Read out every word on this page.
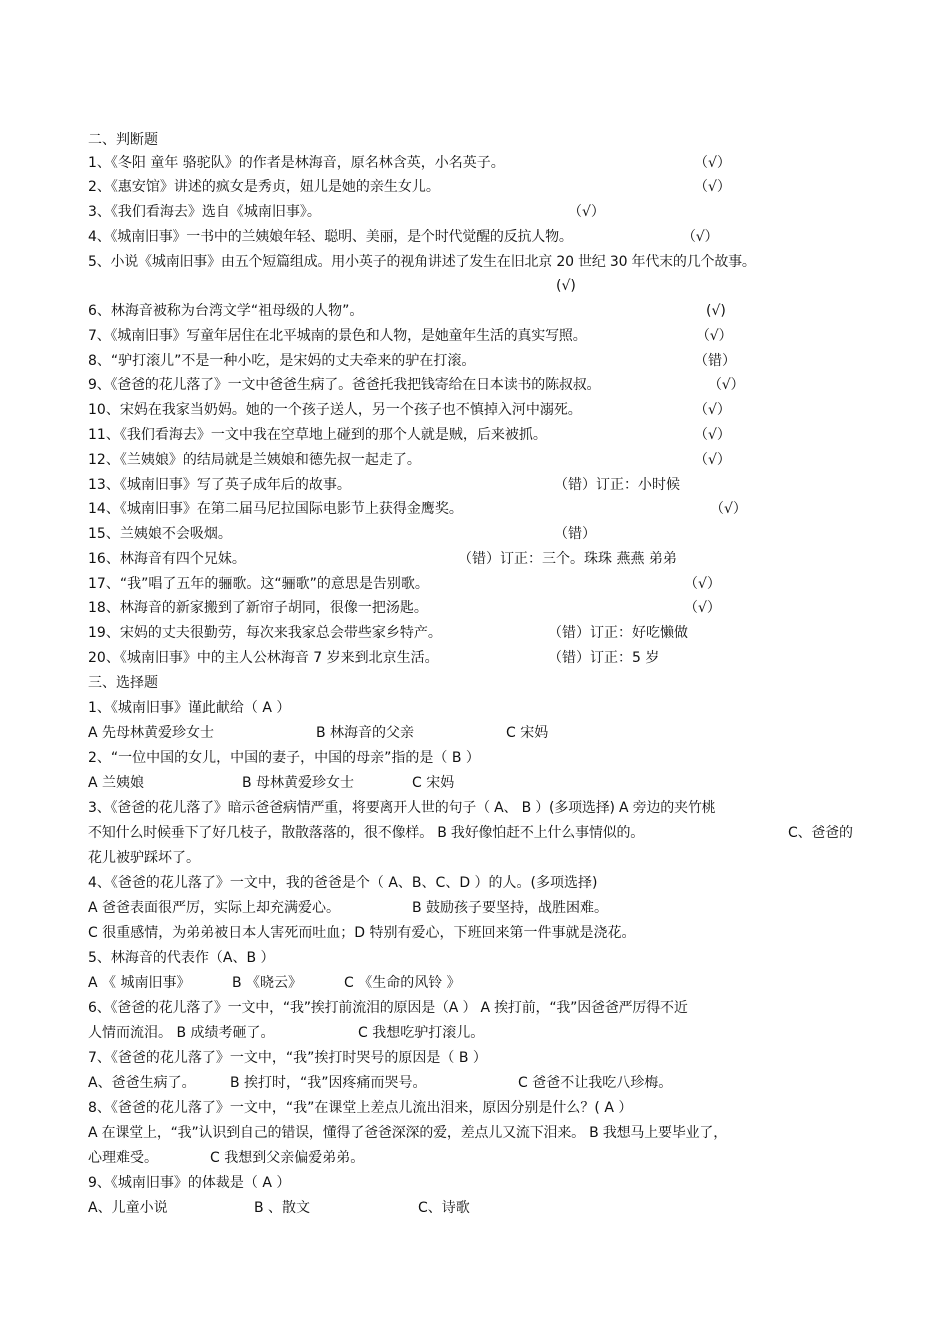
二、判断题
1、《冬阳 童年 骆驼队》的作者是林海音，原名林含英，小名英子。	（√）
2、《惠安馆》讲述的疯女是秀贞，妞儿是她的亲生女儿。	（√）
3、《我们看海去》选自《城南旧事》。	（√）
4、《城南旧事》一书中的兰姨娘年轻、聪明、美丽，是个时代觉醒的反抗人物。	（√）
5、小说《城南旧事》由五个短篇组成。用小英子的视角讲述了发生在旧北京 20 世纪 30 年代末的几个故事。
(√)
6、林海音被称为台湾文学“祖母级的人物”。	(√)
7、《城南旧事》写童年居住在北平城南的景色和人物，是她童年生活的真实写照。	（√）
8、“驴打滚儿”不是一种小吃，是宋妈的丈夫牵来的驴在打滚。	（错）
9、《爸爸的花儿落了》一文中爸爸生病了。爸爸托我把钱寄给在日本读书的陈叔叔。	（√）
10、宋妈在我家当奶妈。她的一个孩子送人，另一个孩子也不慎掉入河中溺死。	（√）
11、《我们看海去》一文中我在空草地上碰到的那个人就是贼，后来被抓。	（√）
12、《兰姨娘》的结局就是兰姨娘和德先叔一起走了。	（√）
13、《城南旧事》写了英子成年后的故事。	（错）订正：小时候
14、《城南旧事》在第二届马尼拉国际电影节上获得金鹰奖。	（√）
15、兰姨娘不会吸烟。	（错）
16、林海音有四个兄妹。	（错）订正：三个。珠珠 燕燕 弟弟
17、“我”唱了五年的骊歌。这“骊歌”的意思是告别歌。	（√）
18、林海音的新家搬到了新帘子胡同，很像一把汤匙。	（√）
19、宋妈的丈夫很勤劳，每次来我家总会带些家乡特产。	（错）订正：好吃懒做
20、《城南旧事》中的主人公林海音 7 岁来到北京生活。	（错）订正：5 岁
三、选择题
1、《城南旧事》谨此献给（ A ）
A 先母林黄爱珍女士	B 林海音的父亲	C 宋妈
2、“一位中国的女儿，中国的妻子，中国的母亲”指的是（ B ）
A 兰姨娘	B 母林黄爱珍女士	C 宋妈
3、《爸爸的花儿落了》暗示爸爸病情严重，将要离开人世的句子（ A、 B ）(多项选择) A 旁边的夹竹桃
不知什么时候垂下了好几枝子，散散落落的，很不像样。 B 我好像怕赶不上什么事情似的。	C、爸爸的
花儿被驴踩坏了。
4、《爸爸的花儿落了》一文中，我的爸爸是个（ A、B、C、D ）的人。(多项选择)
A 爸爸表面很严厉，实际上却充满爱心。	B 鼓励孩子要坚持，战胜困难。
C 很重感情，为弟弟被日本人害死而吐血；D 特别有爱心，下班回来第一件事就是浇花。
5、林海音的代表作（A、B ）
A 《 城南旧事》	B 《晓云》	C 《生命的风铃 》
6、《爸爸的花儿落了》一文中，“我”挨打前流泪的原因是（A ） A 挨打前，“我”因爸爸严厉得不近
人情而流泪。 B 成绩考砸了。	C 我想吃驴打滚儿。
7、《爸爸的花儿落了》一文中，“我”挨打时哭号的原因是（ B ）
A、爸爸生病了。 B 挨打时，“我”因疼痛而哭号。	C 爸爸不让我吃八珍梅。
8、《爸爸的花儿落了》一文中，“我”在课堂上差点儿流出泪来，原因分别是什么？( A ）
A 在课堂上，“我”认识到自己的错误，懂得了爸爸深深的爱，差点儿又流下泪来。 B 我想马上要毕业了，
心理难受。	C 我想到父亲偏爱弟弟。
9、《城南旧事》的体裁是（ A ）
A、儿童小说	B 、散文	C、诗歌
